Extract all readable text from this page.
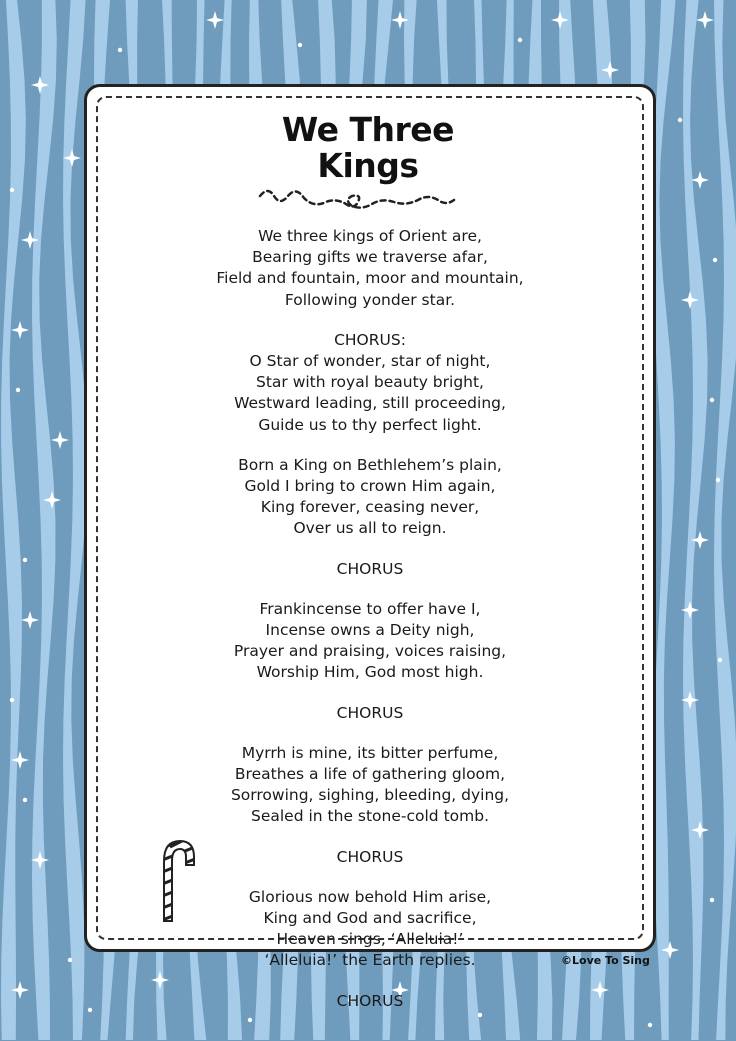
We Three
Kings
We three kings of Orient are,
Bearing gifts we traverse afar,
Field and fountain, moor and mountain,
Following yonder star.
CHORUS:
O Star of wonder, star of night,
Star with royal beauty bright,
Westward leading, still proceeding,
Guide us to thy perfect light.
Born a King on Bethlehem’s plain,
Gold I bring to crown Him again,
King forever, ceasing never,
Over us all to reign.
CHORUS
Frankincense to offer have I,
Incense owns a Deity nigh,
Prayer and praising, voices raising,
Worship Him, God most high.
CHORUS
Myrrh is mine, its bitter perfume,
Breathes a life of gathering gloom,
Sorrowing, sighing, bleeding, dying,
Sealed in the stone-cold tomb.
CHORUS
Glorious now behold Him arise,
King and God and sacrifice,
Heaven sings, ‘Alleluia!’
‘Alleluia!’ the Earth replies.
CHORUS
©Love To Sing
